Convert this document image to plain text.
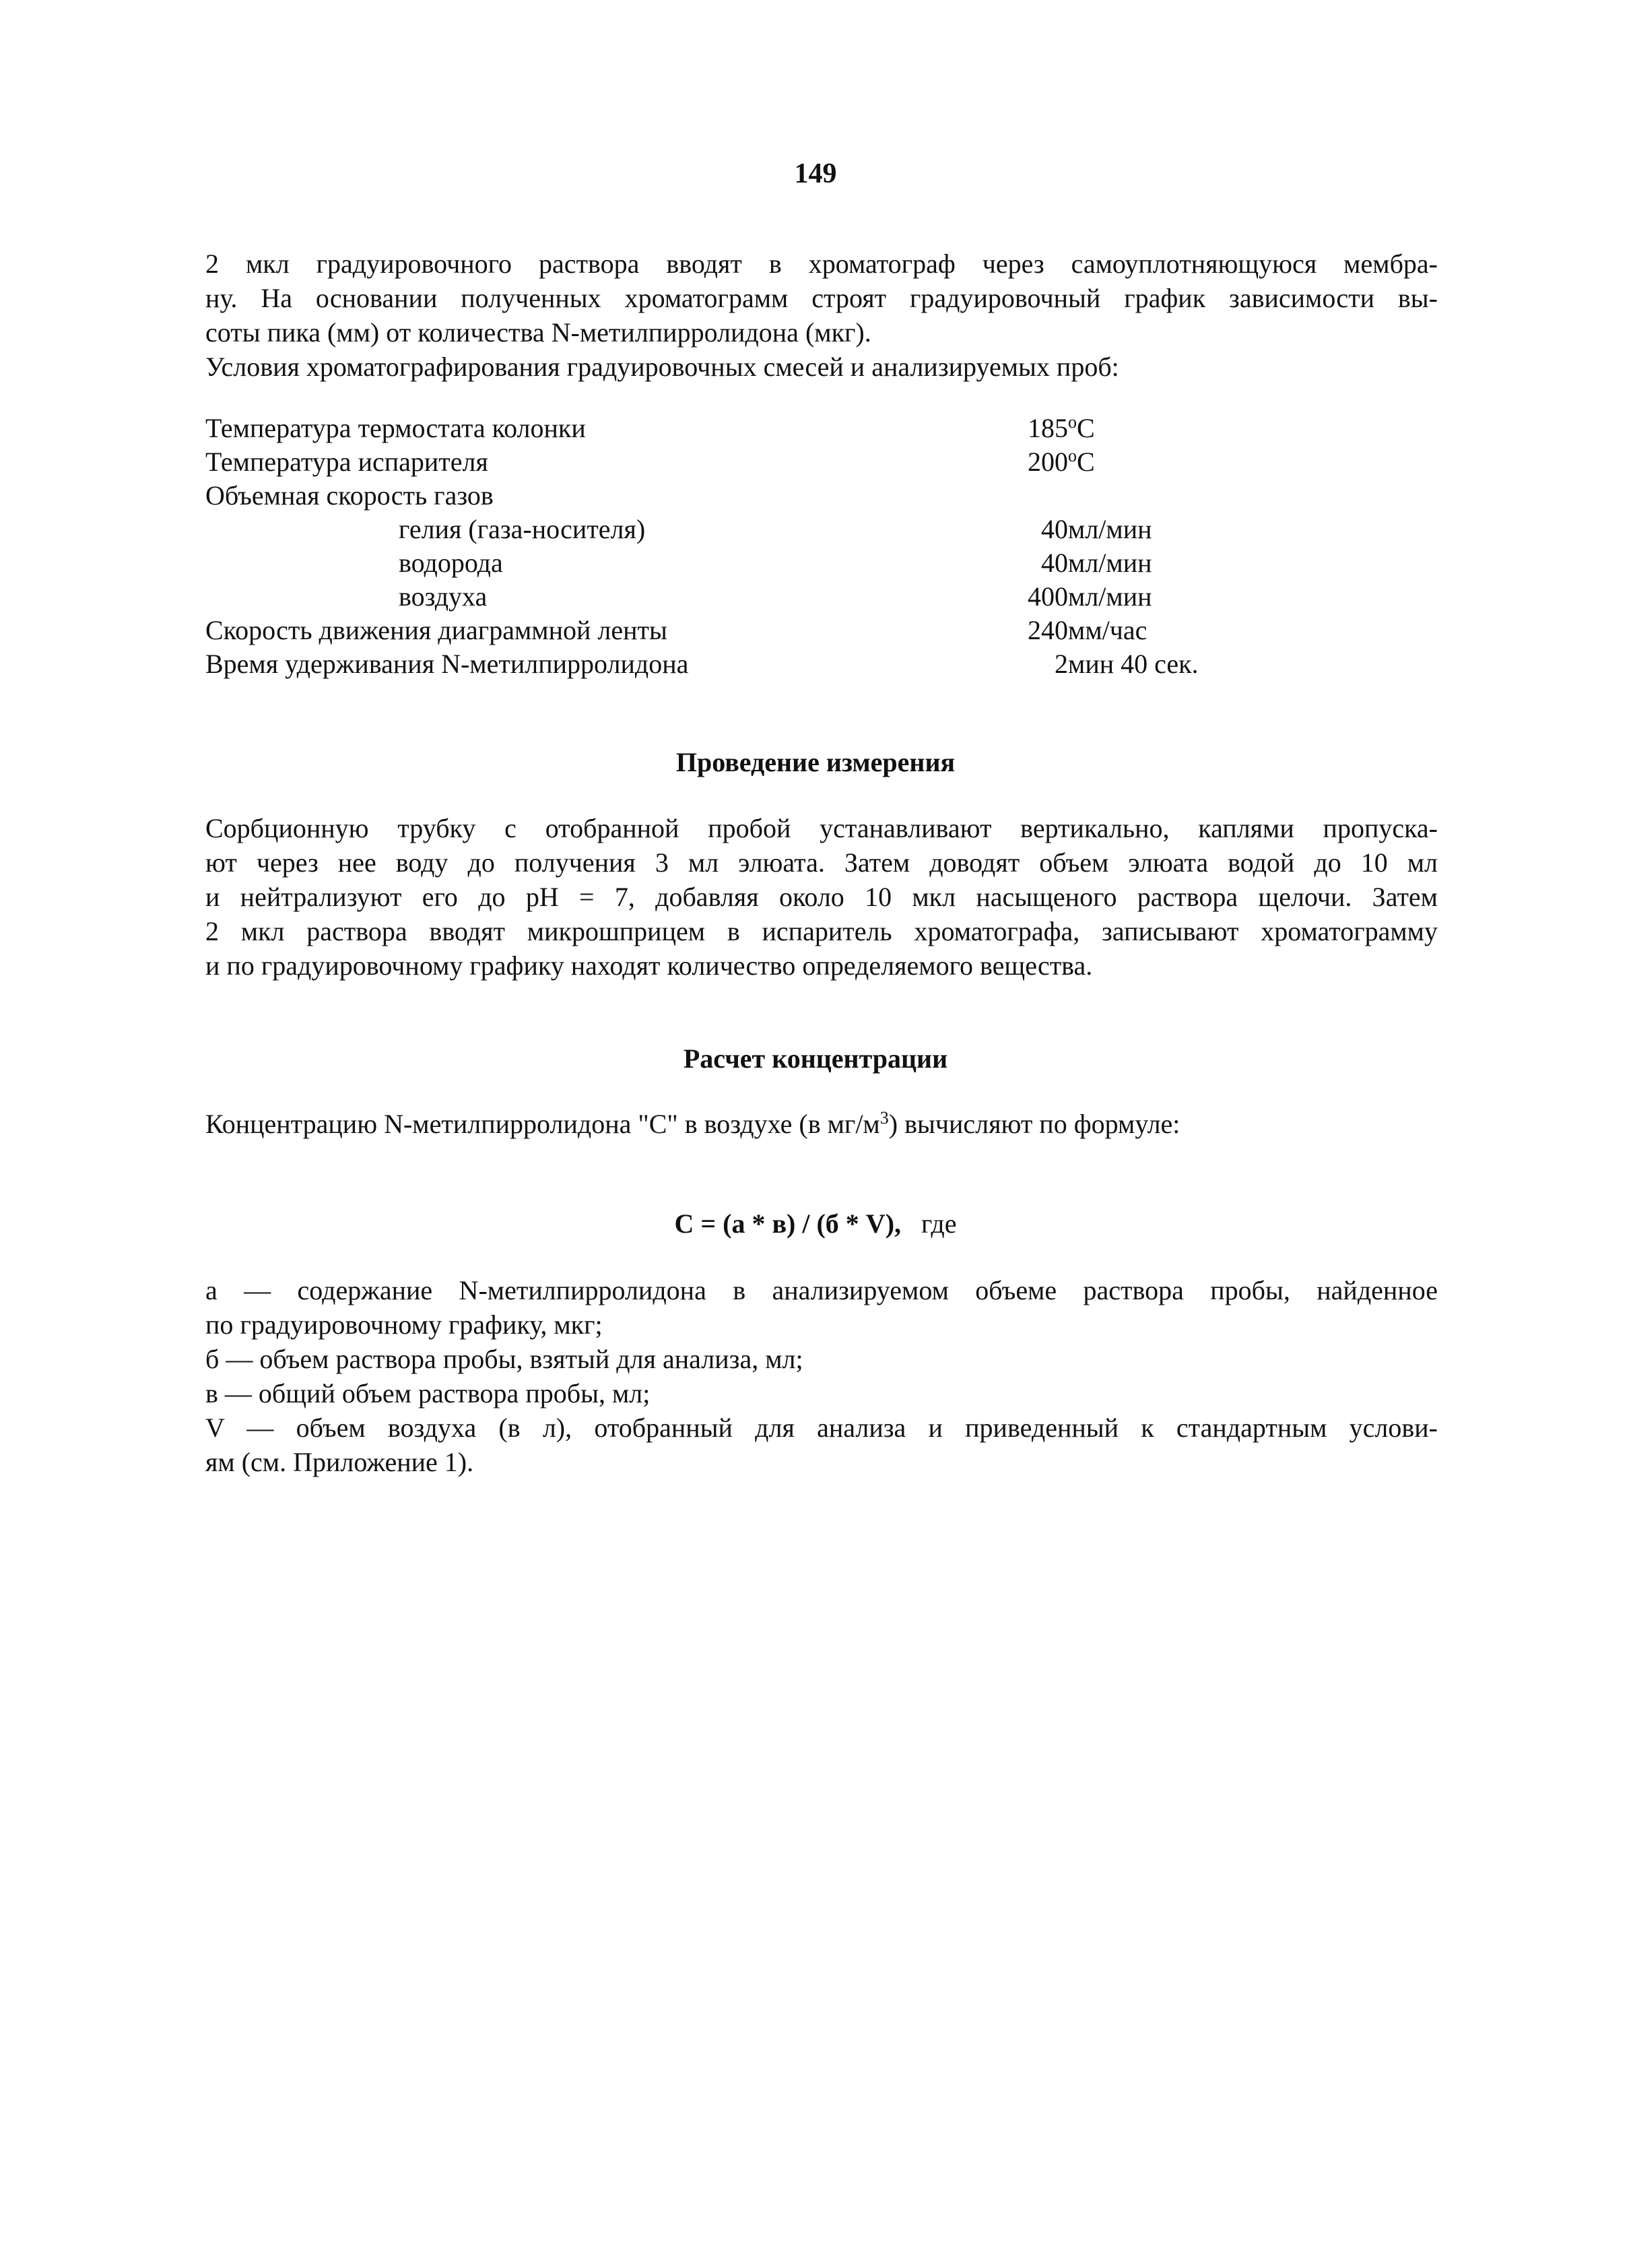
149
2 мкл градуировочного раствора вводят в хроматограф через самоуплотняющуюся мембра-
ну. На основании полученных хроматограмм строят градуировочный график зависимости вы-
соты пика (мм) от количества N-метилпирролидона (мкг).
Условия хроматографирования градуировочных смесей и анализируемых проб:
Температура термостата колонки	185	$^о$С
Температура испарителя	200	$^о$С
Объемная скорость газов		
гелия (газа-носителя)	40	мл/мин
водорода	40	мл/мин
воздуха	400	мл/мин
Скорость движения диаграммной ленты	240	мм/час
Время удерживания N-метилпирролидона	2	мин 40 сек.
Проведение измерения
Сорбционную трубку с отобранной пробой устанавливают вертикально, каплями пропуска-
ют через нее воду до получения 3 мл элюата. Затем доводят объем элюата водой до 10 мл
и нейтрализуют его до pH = 7, добавляя около 10 мкл насыщеного раствора щелочи. Затем
2 мкл раствора вводят микрошприцем в испаритель хроматографа, записывают хроматограмму
и по градуировочному графику находят количество определяемого вещества.
Расчет концентрации
Концентрацию N-метилпирролидона "С" в воздухе (в $мг/м^3$) вычисляют по формуле:
С = (а * в) / (б * V), где
а — содержание N-метилпирролидона в анализируемом объеме раствора пробы, найденное
по градуировочному графику, мкг;
б — объем раствора пробы, взятый для анализа, мл;
в — общий объем раствора пробы, мл;
V — объем воздуха (в л), отобранный для анализа и приведенный к стандартным услови-
ям (см. Приложение 1).
